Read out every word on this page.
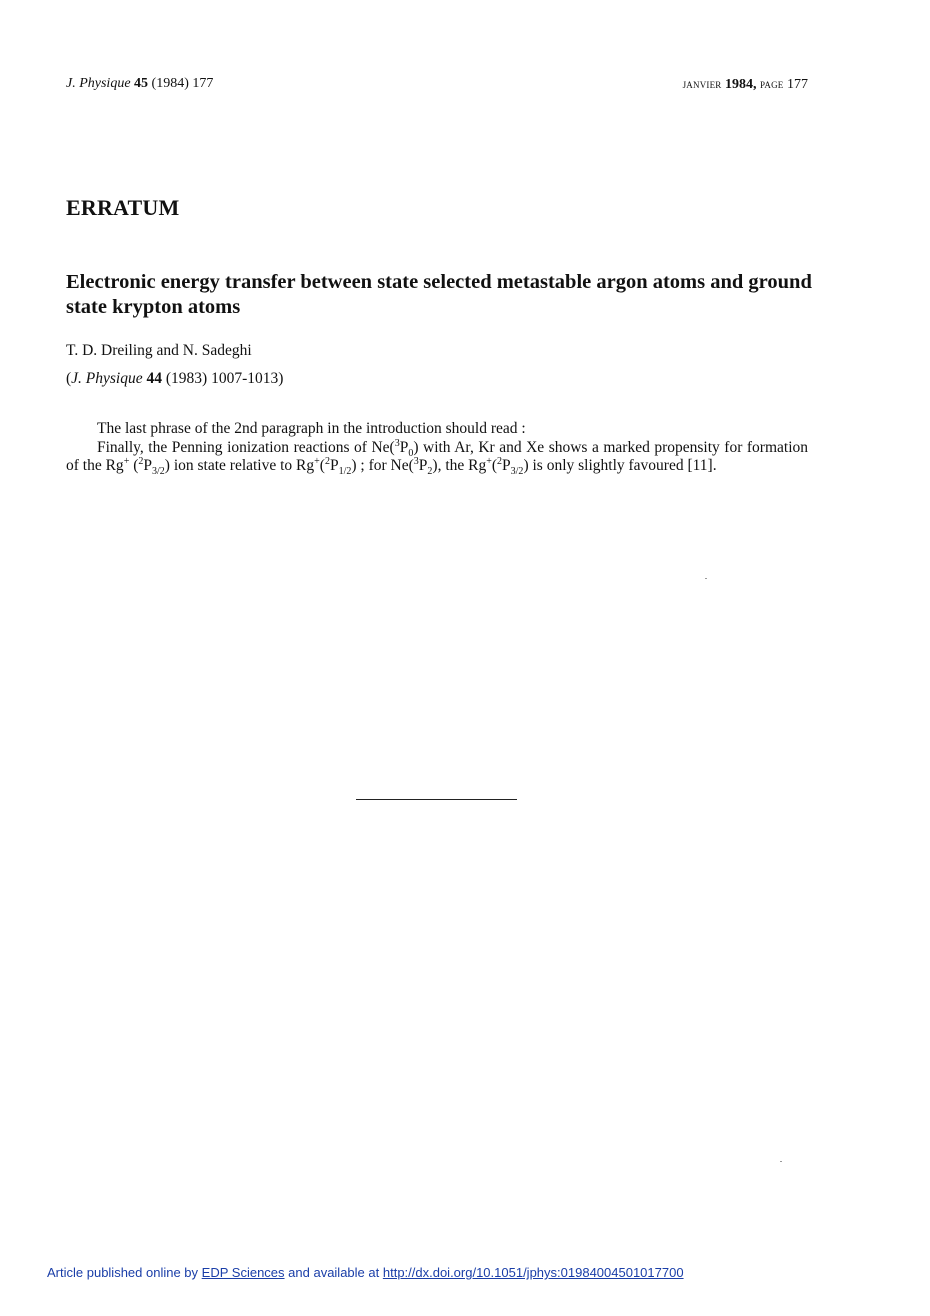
J. Physique 45 (1984) 177	janvier 1984, page 177
ERRATUM
Electronic energy transfer between state selected metastable argon atoms and ground state krypton atoms
T. D. Dreiling and N. Sadeghi
(J. Physique 44 (1983) 1007-1013)

The last phrase of the 2nd paragraph in the introduction should read :

Finally, the Penning ionization reactions of $Ne(^3P_0)$ with Ar, Kr and Xe shows a marked propensity for formation of the Rg+ $(^2P_{3/2})$ ion state relative to $Rg^+(^2P_{1/2})$ ; for $Ne(^3P_2)$, the $Rg^+(^2P_{3/2})$ is only slightly favoured [11].

Article published online by EDP Sciences and available at http://dx.doi.org/10.1051/jphys:01984004501017700
